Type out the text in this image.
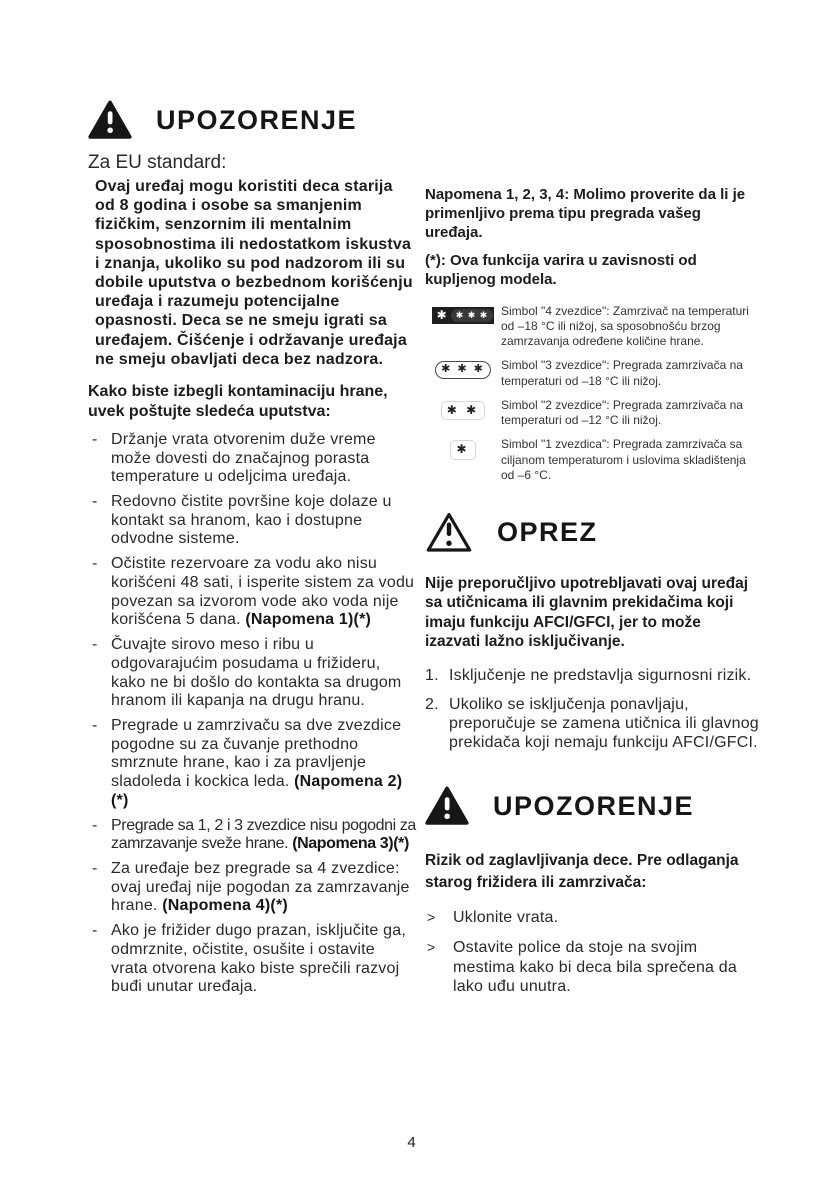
UPOZORENJE
Za EU standard:
Ovaj uređaj mogu koristiti deca starija od 8 godina i osobe sa smanjenim fizičkim, senzornim ili mentalnim sposobnostima ili nedostatkom iskustva i znanja, ukoliko su pod nadzorom ili su dobile uputstva o bezbednom korišćenju uređaja i razumeju potencijalne opasnosti. Deca se ne smeju igrati sa uređajem. Čišćenje i održavanje uređaja ne smeju obavljati deca bez nadzora.
Kako biste izbegli kontaminaciju hrane, uvek poštujte sledeća uputstva:
- Držanje vrata otvorenim duže vreme može dovesti do značajnog porasta temperature u odeljcima uređaja.
- Redovno čistite površine koje dolaze u kontakt sa hranom, kao i dostupne odvodne sisteme.
- Očistite rezervoare za vodu ako nisu korišćeni 48 sati, i isperite sistem za vodu povezan sa izvorom vode ako voda nije korišćena 5 dana. (Napomena 1)(*)
- Čuvajte sirovo meso i ribu u odgovarajućim posudama u frižideru, kako ne bi došlo do kontakta sa drugom hranom ili kapanja na drugu hranu.
- Pregrade u zamrzivaču sa dve zvezdice pogodne su za čuvanje prethodno smrznute hrane, kao i za pravljenje sladoleda i kockica leda. (Napomena 2)(*)
- Pregrade sa 1, 2 i 3 zvezdice nisu pogodni za zamrzavanje sveže hrane. (Napomena 3)(*)
- Za uređaje bez pregrade sa 4 zvezdice: ovaj uređaj nije pogodan za zamrzavanje hrane. (Napomena 4)(*)
- Ako je frižider dugo prazan, isključite ga, odmrznite, očistite, osušite i ostavite vrata otvorena kako biste sprečili razvoj buđi unutar uređaja.
Napomena 1, 2, 3, 4: Molimo proverite da li je primenljivo prema tipu pregrada vašeg uređaja.
(*): Ova funkcija varira u zavisnosti od kupljenog modela.
✱ ✱ ✱ ✱	Simbol "4 zvezdice": Zamrzivač na temperaturi od –18 °C ili nižoj, sa sposobnošću brzog zamrzavanja određene količine hrane.
✱ ✱ ✱	Simbol "3 zvezdice": Pregrada zamrzivača na temperaturi od –18 °C ili nižoj.
✱ ✱	Simbol "2 zvezdice": Pregrada zamrzivača na temperaturi od –12 °C ili nižoj.
✱	Simbol "1 zvezdica": Pregrada zamrzivača sa ciljanom temperaturom i uslovima skladištenja od –6 °C.
OPREZ
Nije preporučljivo upotrebljavati ovaj uređaj sa utičnicama ili glavnim prekidačima koji imaju funkciju AFCI/GFCI, jer to može izazvati lažno isključivanje.
1. Isključenje ne predstavlja sigurnosni rizik.
2. Ukoliko se isključenja ponavljaju, preporučuje se zamena utičnica ili glavnog prekidača koji nemaju funkciju AFCI/GFCI.
UPOZORENJE
Rizik od zaglavljivanja dece. Pre odlaganja starog frižidera ili zamrzivača:
>	Uklonite vrata.
>	Ostavite police da stoje na svojim mestima kako bi deca bila sprečena da lako uđu unutra.
4
